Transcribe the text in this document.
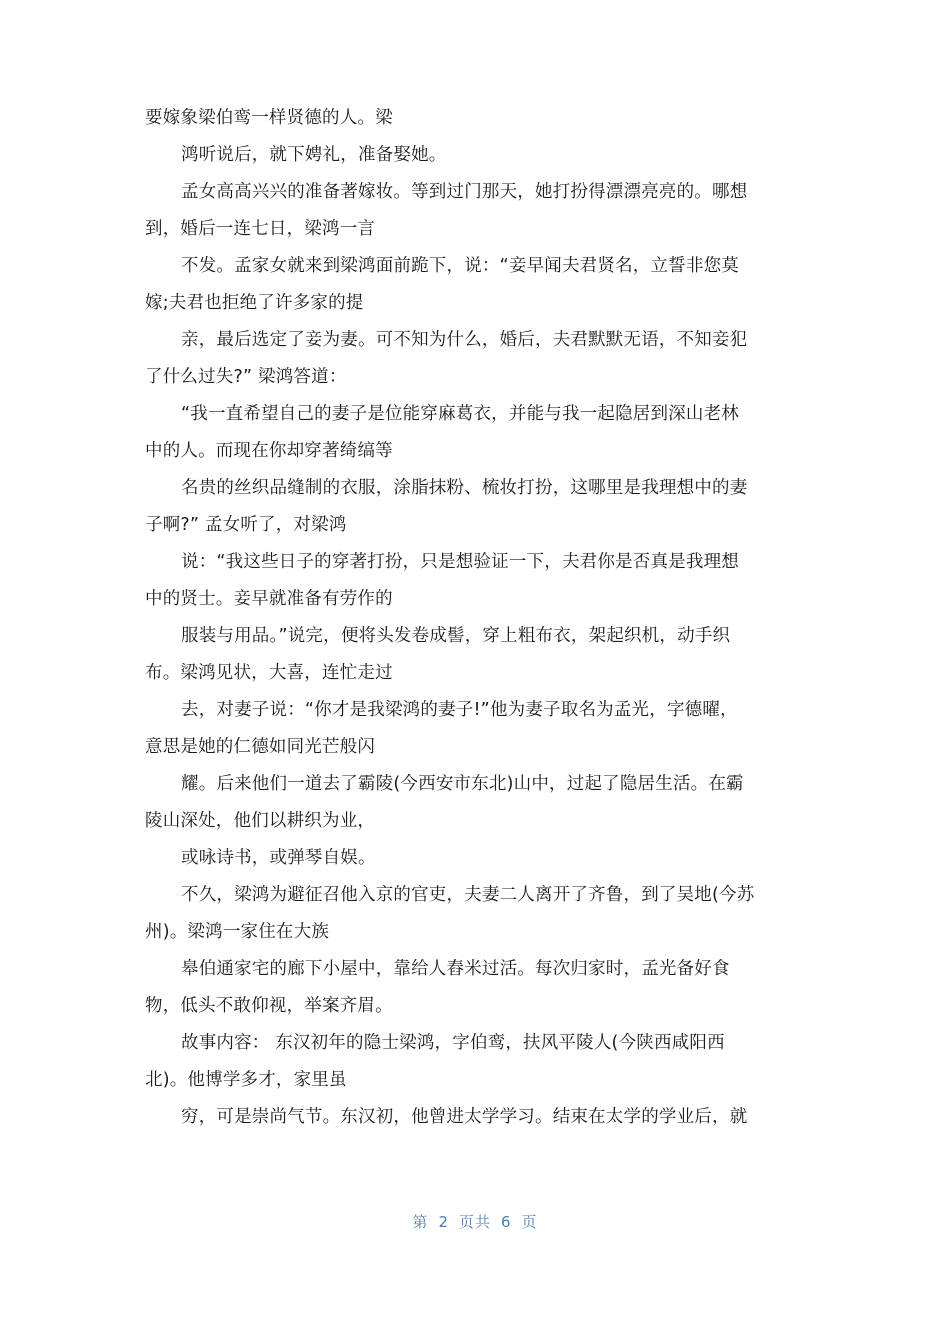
要嫁象梁伯鸾一样贤德的人。梁
鸿听说后，就下娉礼，准备娶她。
孟女高高兴兴的准备著嫁妆。等到过门那天，她打扮得漂漂亮亮的。哪想
到，婚后一连七日，梁鸿一言
不发。孟家女就来到梁鸿面前跪下，说：“妾早闻夫君贤名，立誓非您莫
嫁;夫君也拒绝了许多家的提
亲，最后选定了妾为妻。可不知为什么，婚后，夫君默默无语，不知妾犯
了什么过失?” 梁鸿答道：
“我一直希望自己的妻子是位能穿麻葛衣，并能与我一起隐居到深山老林
中的人。而现在你却穿著绮缟等
名贵的丝织品缝制的衣服，涂脂抹粉、梳妆打扮，这哪里是我理想中的妻
子啊?” 孟女听了，对梁鸿
说：“我这些日子的穿著打扮，只是想验证一下，夫君你是否真是我理想
中的贤士。妾早就准备有劳作的
服装与用品。”说完，便将头发卷成髻，穿上粗布衣，架起织机，动手织
布。梁鸿见状，大喜，连忙走过
去，对妻子说：“你才是我梁鸿的妻子!”他为妻子取名为孟光，字德曜，
意思是她的仁德如同光芒般闪
耀。后来他们一道去了霸陵(今西安市东北)山中，过起了隐居生活。在霸
陵山深处，他们以耕织为业，
或咏诗书，或弹琴自娱。
不久，梁鸿为避征召他入京的官吏，夫妻二人离开了齐鲁，到了吴地(今苏
州)。梁鸿一家住在大族
皋伯通家宅的廊下小屋中，靠给人舂米过活。每次归家时，孟光备好食
物，低头不敢仰视，举案齐眉。
故事内容： 东汉初年的隐士梁鸿，字伯鸾，扶风平陵人(今陕西咸阳西
北)。他博学多才，家里虽
穷，可是崇尚气节。东汉初，他曾进太学学习。结束在太学的学业后，就
第 2 页共 6 页
